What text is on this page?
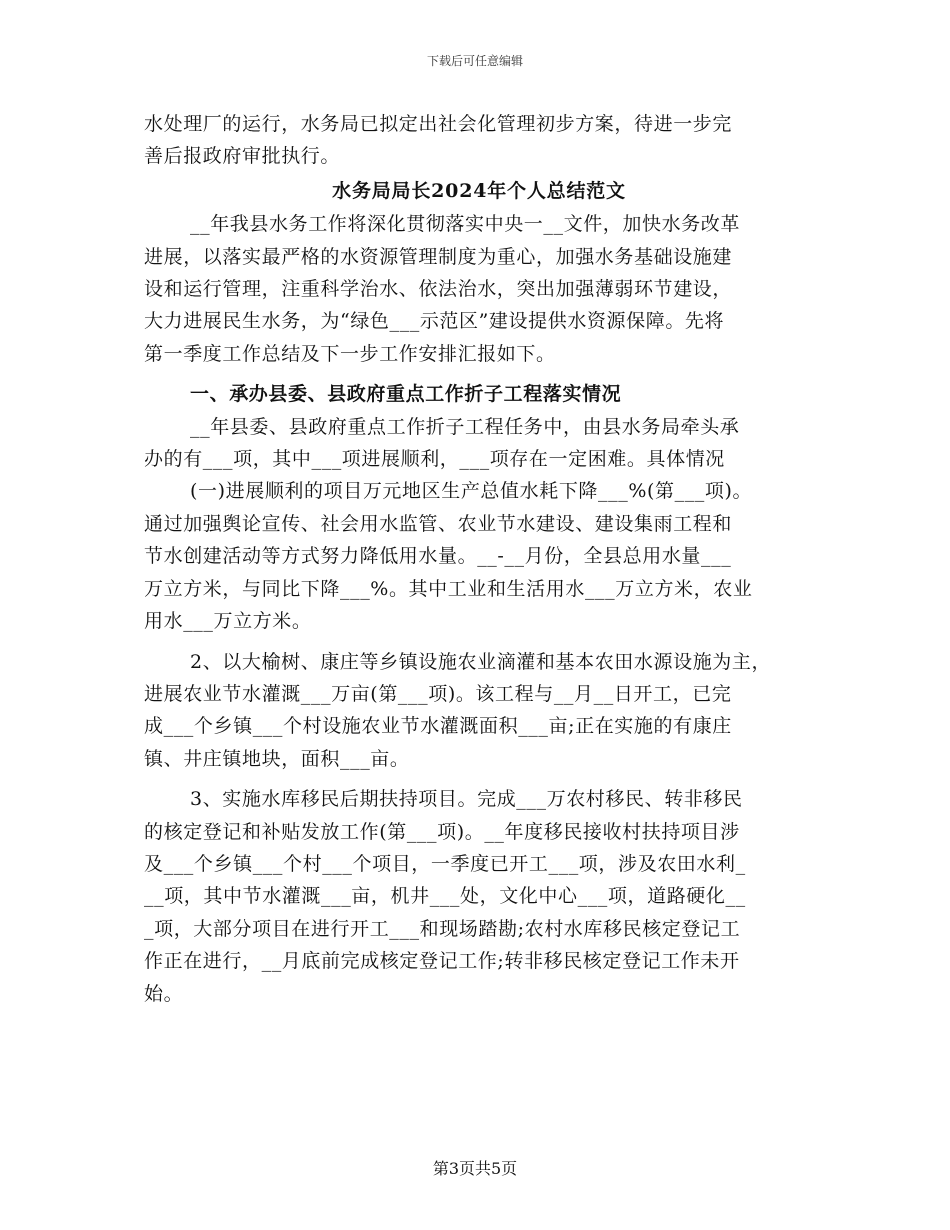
下载后可任意编辑
水处理厂的运行，水务局已拟定出社会化管理初步方案，待进一步完
善后报政府审批执行。
水务局局长2024年个人总结范文
__年我县水务工作将深化贯彻落实中央一__文件，加快水务改革
进展，以落实最严格的水资源管理制度为重心，加强水务基础设施建
设和运行管理，注重科学治水、依法治水，突出加强薄弱环节建设，
大力进展民生水务，为“绿色___示范区”建设提供水资源保障。先将
第一季度工作总结及下一步工作安排汇报如下。
一、承办县委、县政府重点工作折子工程落实情况
__年县委、县政府重点工作折子工程任务中，由县水务局牵头承
办的有___项，其中___项进展顺利，___项存在一定困难。具体情况
(一)进展顺利的项目万元地区生产总值水耗下降___%(第___项)。
通过加强舆论宣传、社会用水监管、农业节水建设、建设集雨工程和
节水创建活动等方式努力降低用水量。__-__月份，全县总用水量___
万立方米，与同比下降___%。其中工业和生活用水___万立方米，农业
用水___万立方米。
2、以大榆树、康庄等乡镇设施农业滴灌和基本农田水源设施为主，
进展农业节水灌溉___万亩(第___项)。该工程与__月__日开工，已完
成___个乡镇___个村设施农业节水灌溉面积___亩;正在实施的有康庄
镇、井庄镇地块，面积___亩。
3、实施水库移民后期扶持项目。完成___万农村移民、转非移民
的核定登记和补贴发放工作(第___项)。__年度移民接收村扶持项目涉
及___个乡镇___个村___个项目，一季度已开工___项，涉及农田水利_
__项，其中节水灌溉___亩，机井___处，文化中心___项，道路硬化__
_项，大部分项目在进行开工___和现场踏勘;农村水库移民核定登记工
作正在进行，__月底前完成核定登记工作;转非移民核定登记工作未开
始。
第3页共5页
